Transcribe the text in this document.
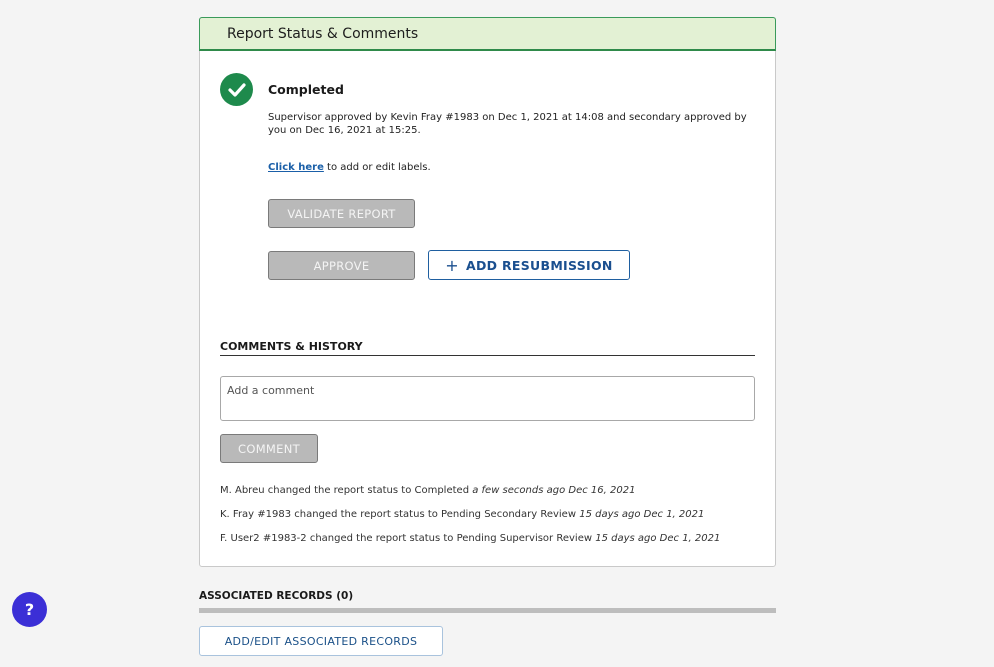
Report Status & Comments
Completed
Supervisor approved by Kevin Fray #1983 on Dec 1, 2021 at 14:08 and secondary approved by you on Dec 16, 2021 at 15:25.
Click here to add or edit labels.
VALIDATE REPORT
APPROVE	+ ADD RESUBMISSION
COMMENTS & HISTORY
Add a comment
COMMENT
M. Abreu changed the report status to Completed a few seconds ago Dec 16, 2021
K. Fray #1983 changed the report status to Pending Secondary Review 15 days ago Dec 1, 2021
F. User2 #1983-2 changed the report status to Pending Supervisor Review 15 days ago Dec 1, 2021
ASSOCIATED RECORDS (0)
ADD/EDIT ASSOCIATED RECORDS
?
